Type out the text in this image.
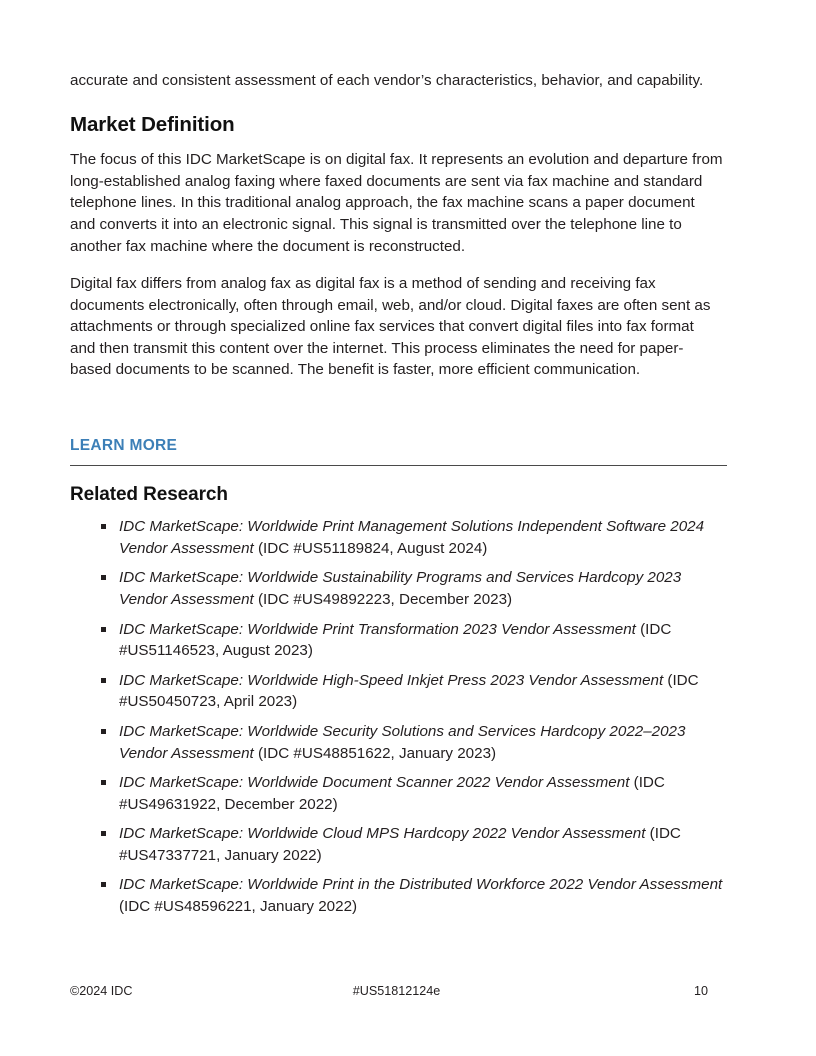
accurate and consistent assessment of each vendor’s characteristics, behavior, and capability.

Market Definition

The focus of this IDC MarketScape is on digital fax. It represents an evolution and departure from long-established analog faxing where faxed documents are sent via fax machine and standard telephone lines. In this traditional analog approach, the fax machine scans a paper document and converts it into an electronic signal. This signal is transmitted over the telephone line to another fax machine where the document is reconstructed.

Digital fax differs from analog fax as digital fax is a method of sending and receiving fax documents electronically, often through email, web, and/or cloud. Digital faxes are often sent as attachments or through specialized online fax services that convert digital files into fax format and then transmit this content over the internet. This process eliminates the need for paper-based documents to be scanned. The benefit is faster, more efficient communication.

LEARN MORE
Related Research
IDC MarketScape: Worldwide Print Management Solutions Independent Software 2024 Vendor Assessment (IDC #US51189824, August 2024)
IDC MarketScape: Worldwide Sustainability Programs and Services Hardcopy 2023 Vendor Assessment (IDC #US49892223, December 2023)
IDC MarketScape: Worldwide Print Transformation 2023 Vendor Assessment (IDC #US51146523, August 2023)
IDC MarketScape: Worldwide High-Speed Inkjet Press 2023 Vendor Assessment (IDC #US50450723, April 2023)
IDC MarketScape: Worldwide Security Solutions and Services Hardcopy 2022–2023 Vendor Assessment (IDC #US48851622, January 2023)
IDC MarketScape: Worldwide Document Scanner 2022 Vendor Assessment (IDC #US49631922, December 2022)
IDC MarketScape: Worldwide Cloud MPS Hardcopy 2022 Vendor Assessment (IDC #US47337721, January 2022)
IDC MarketScape: Worldwide Print in the Distributed Workforce 2022 Vendor Assessment (IDC #US48596221, January 2022)
©2024 IDC	#US51812124e	10
